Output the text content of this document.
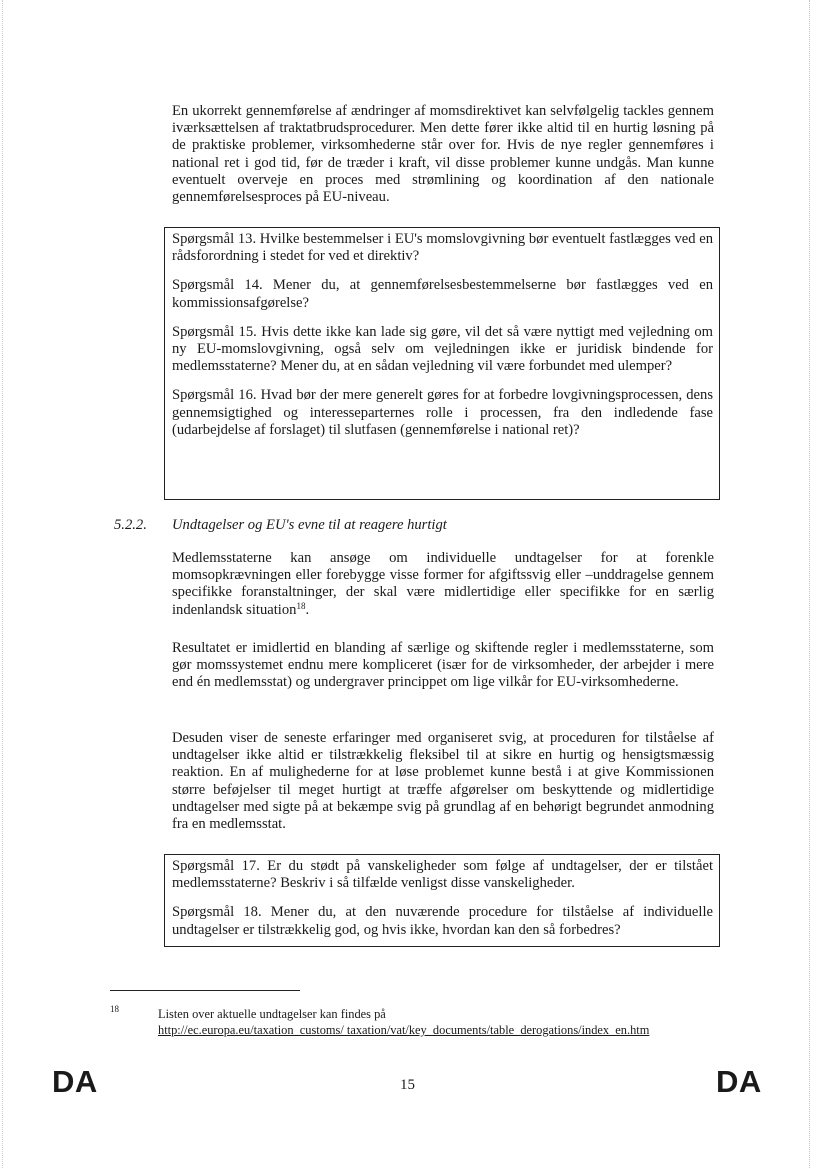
En ukorrekt gennemførelse af ændringer af momsdirektivet kan selvfølgelig tackles gennem iværksættelsen af traktatbrudsprocedurer. Men dette fører ikke altid til en hurtig løsning på de praktiske problemer, virksomhederne står over for. Hvis de nye regler gennemføres i national ret i god tid, før de træder i kraft, vil disse problemer kunne undgås. Man kunne eventuelt overveje en proces med strømlining og koordination af den nationale gennemførelsesproces på EU-niveau.

Spørgsmål 13. Hvilke bestemmelser i EU's momslovgivning bør eventuelt fastlægges ved en rådsforordning i stedet for ved et direktiv?

Spørgsmål 14. Mener du, at gennemførelsesbestemmelserne bør fastlægges ved en kommissionsafgørelse?

Spørgsmål 15. Hvis dette ikke kan lade sig gøre, vil det så være nyttigt med vejledning om ny EU-momslovgivning, også selv om vejledningen ikke er juridisk bindende for medlemsstaterne? Mener du, at en sådan vejledning vil være forbundet med ulemper?

Spørgsmål 16. Hvad bør der mere generelt gøres for at forbedre lovgivningsprocessen, dens gennemsigtighed og interesseparternes rolle i processen, fra den indledende fase (udarbejdelse af forslaget) til slutfasen (gennemførelse i national ret)?

5.2.2. Undtagelser og EU's evne til at reagere hurtigt

Medlemsstaterne kan ansøge om individuelle undtagelser for at forenkle momsopkrævningen eller forebygge visse former for afgiftssvig eller –unddragelse gennem specifikke foranstaltninger, der skal være midlertidige eller specifikke for en særlig indenlandsk situation$^{18}$.

Resultatet er imidlertid en blanding af særlige og skiftende regler i medlemsstaterne, som gør momssystemet endnu mere kompliceret (især for de virksomheder, der arbejder i mere end én medlemsstat) og undergraver princippet om lige vilkår for EU-virksomhederne.

Desuden viser de seneste erfaringer med organiseret svig, at proceduren for tilståelse af undtagelser ikke altid er tilstrækkelig fleksibel til at sikre en hurtig og hensigtsmæssig reaktion. En af mulighederne for at løse problemet kunne bestå i at give Kommissionen større beføjelser til meget hurtigt at træffe afgørelser om beskyttende og midlertidige undtagelser med sigte på at bekæmpe svig på grundlag af en behørigt begrundet anmodning fra en medlemsstat.

Spørgsmål 17. Er du stødt på vanskeligheder som følge af undtagelser, der er tilstået medlemsstaterne? Beskriv i så tilfælde venligst disse vanskeligheder.

Spørgsmål 18. Mener du, at den nuværende procedure for tilståelse af individuelle undtagelser er tilstrækkelig god, og hvis ikke, hvordan kan den så forbedres?

18	Listen over aktuelle undtagelser kan findes på
http://ec.europa.eu/taxation_customs/ taxation/vat/key_documents/table_derogations/index_en.htm
DA	15	DA
